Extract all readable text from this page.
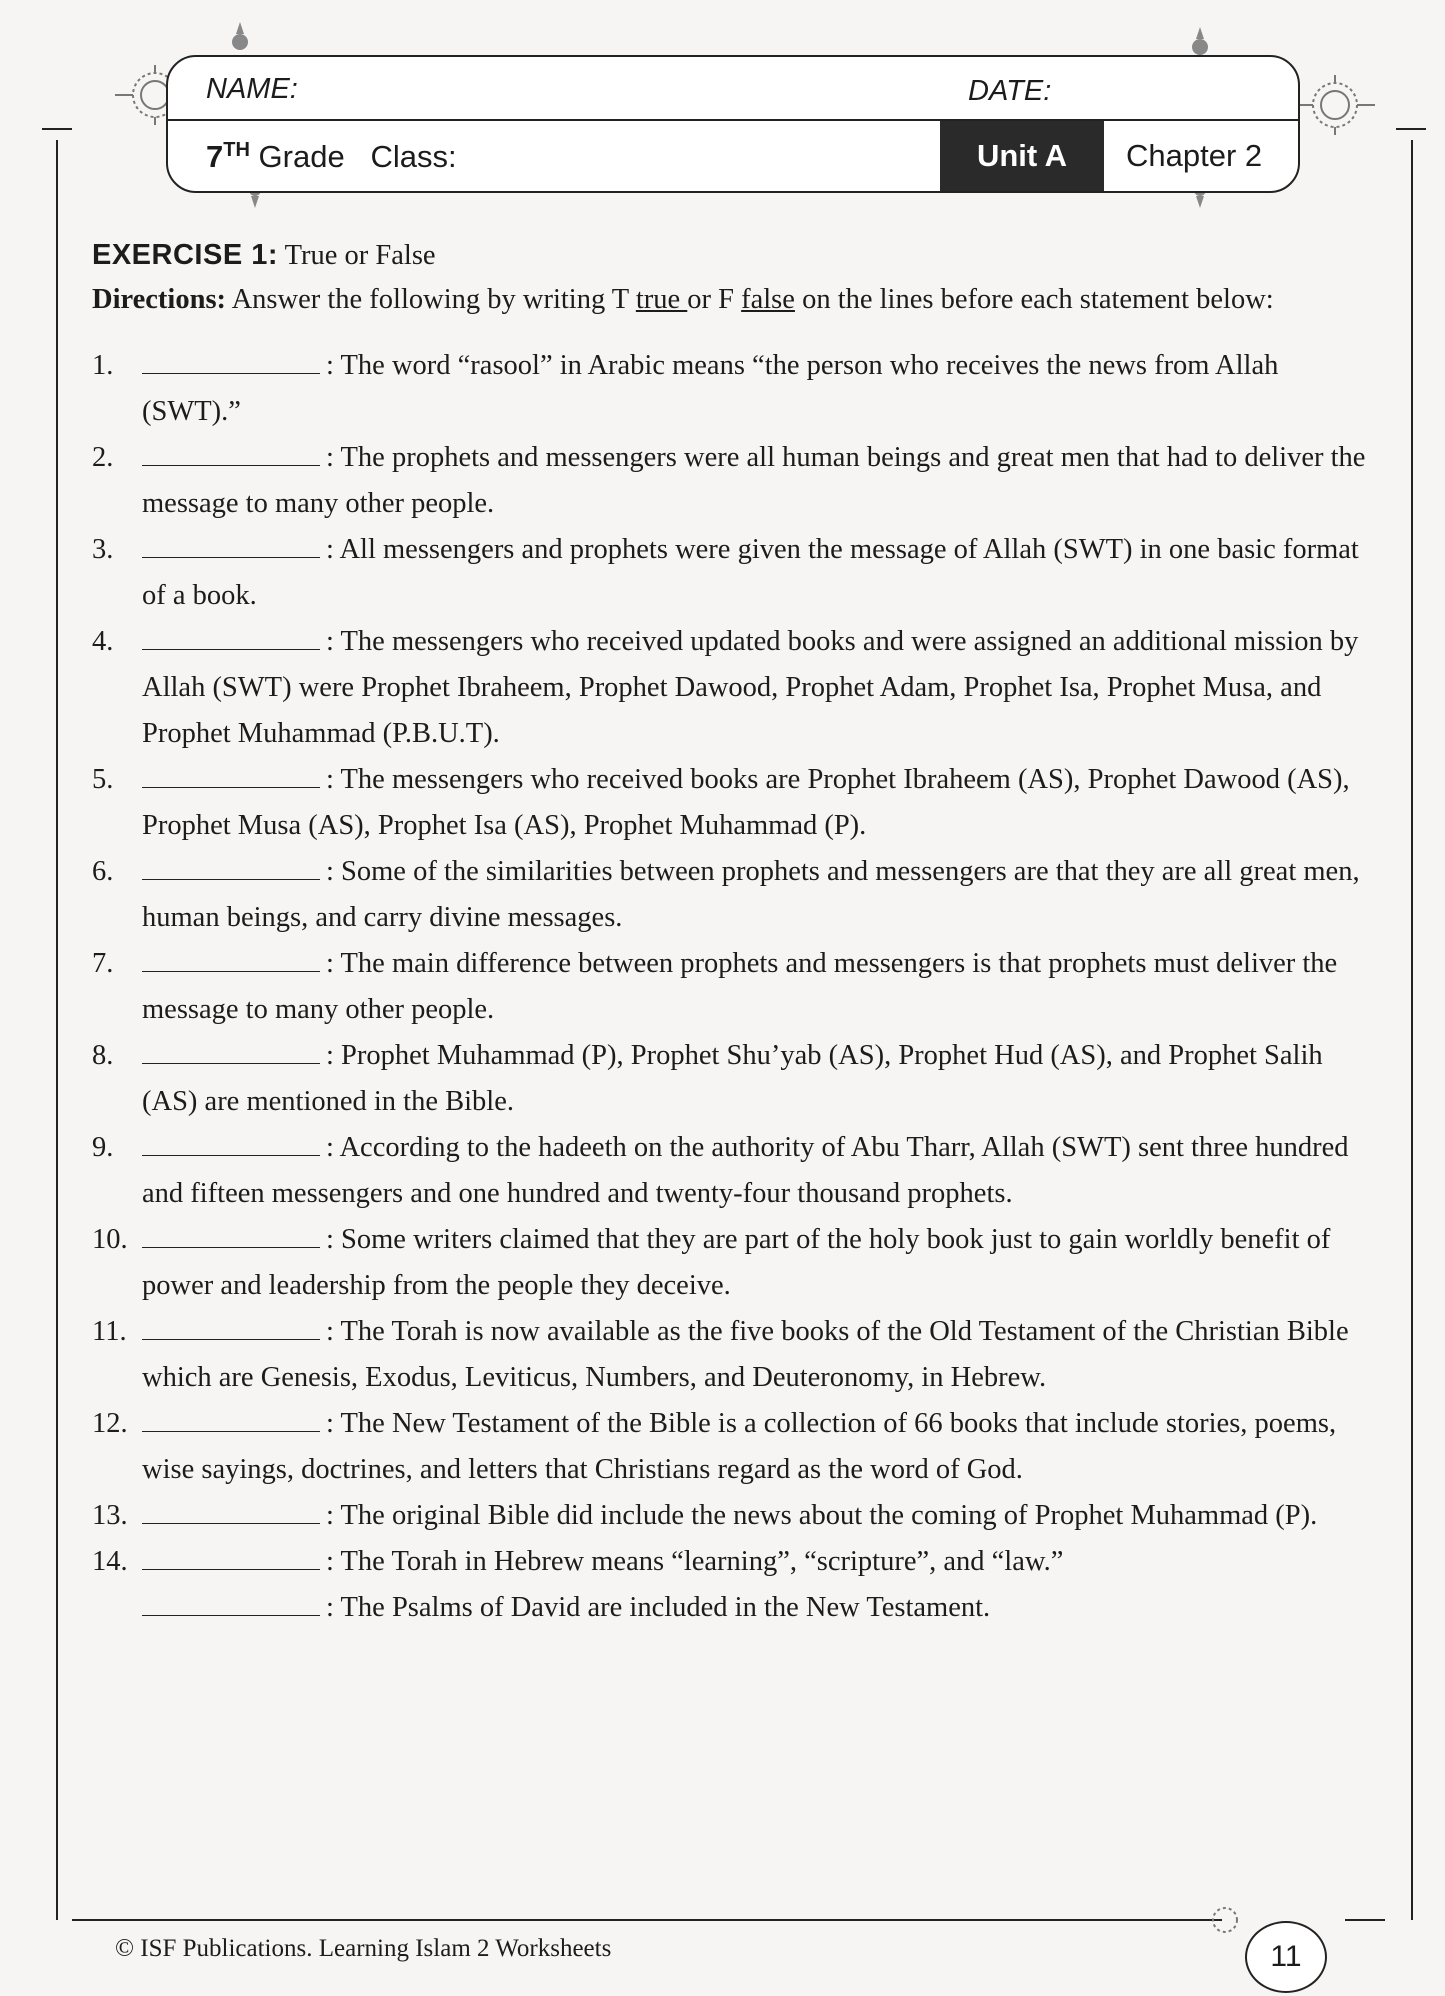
NAME:	DATE:
7TH Grade   Class:	Unit A	Chapter 2
EXERCISE 1: True or False
Directions: Answer the following by writing T true or F false on the lines before each statement below:
1.	: The word “rasool” in Arabic means “the person who receives the news from Allah (SWT).”
2.	: The prophets and messengers were all human beings and great men that had to deliver the message to many other people.
3.	: All messengers and prophets were given the message of Allah (SWT) in one basic format of a book.
4.	: The messengers who received updated books and were assigned an additional mission by Allah (SWT) were Prophet Ibraheem, Prophet Dawood, Prophet Adam, Prophet Isa, Prophet Musa, and Prophet Muhammad (P.B.U.T).
5.	: The messengers who received books are Prophet Ibraheem (AS), Prophet Dawood (AS), Prophet Musa (AS), Prophet Isa (AS), Prophet Muhammad (P).
6.	: Some of the similarities between prophets and messengers are that they are all great men, human beings, and carry divine messages.
7.	: The main difference between prophets and messengers is that prophets must deliver the message to many other people.
8.	: Prophet Muhammad (P), Prophet Shu’yab (AS), Prophet Hud (AS), and Prophet Salih (AS) are mentioned in the Bible.
9.	: According to the hadeeth on the authority of Abu Tharr, Allah (SWT) sent three hundred and fifteen messengers and one hundred and twenty-four thousand prophets.
10.	: Some writers claimed that they are part of the holy book just to gain worldly benefit of power and leadership from the people they deceive.
11.	: The Torah is now available as the five books of the Old Testament of the Christian Bible which are Genesis, Exodus, Leviticus, Numbers, and Deuteronomy, in Hebrew.
12.	: The New Testament of the Bible is a collection of 66 books that include stories, poems, wise sayings, doctrines, and letters that Christians regard as the word of God.
13.	: The original Bible did include the news about the coming of Prophet Muhammad (P).
14.	: The Torah in Hebrew means “learning”, “scripture”, and “law.”
: The Psalms of David are included in the New Testament.
© ISF Publications. Learning Islam 2 Worksheets	11
